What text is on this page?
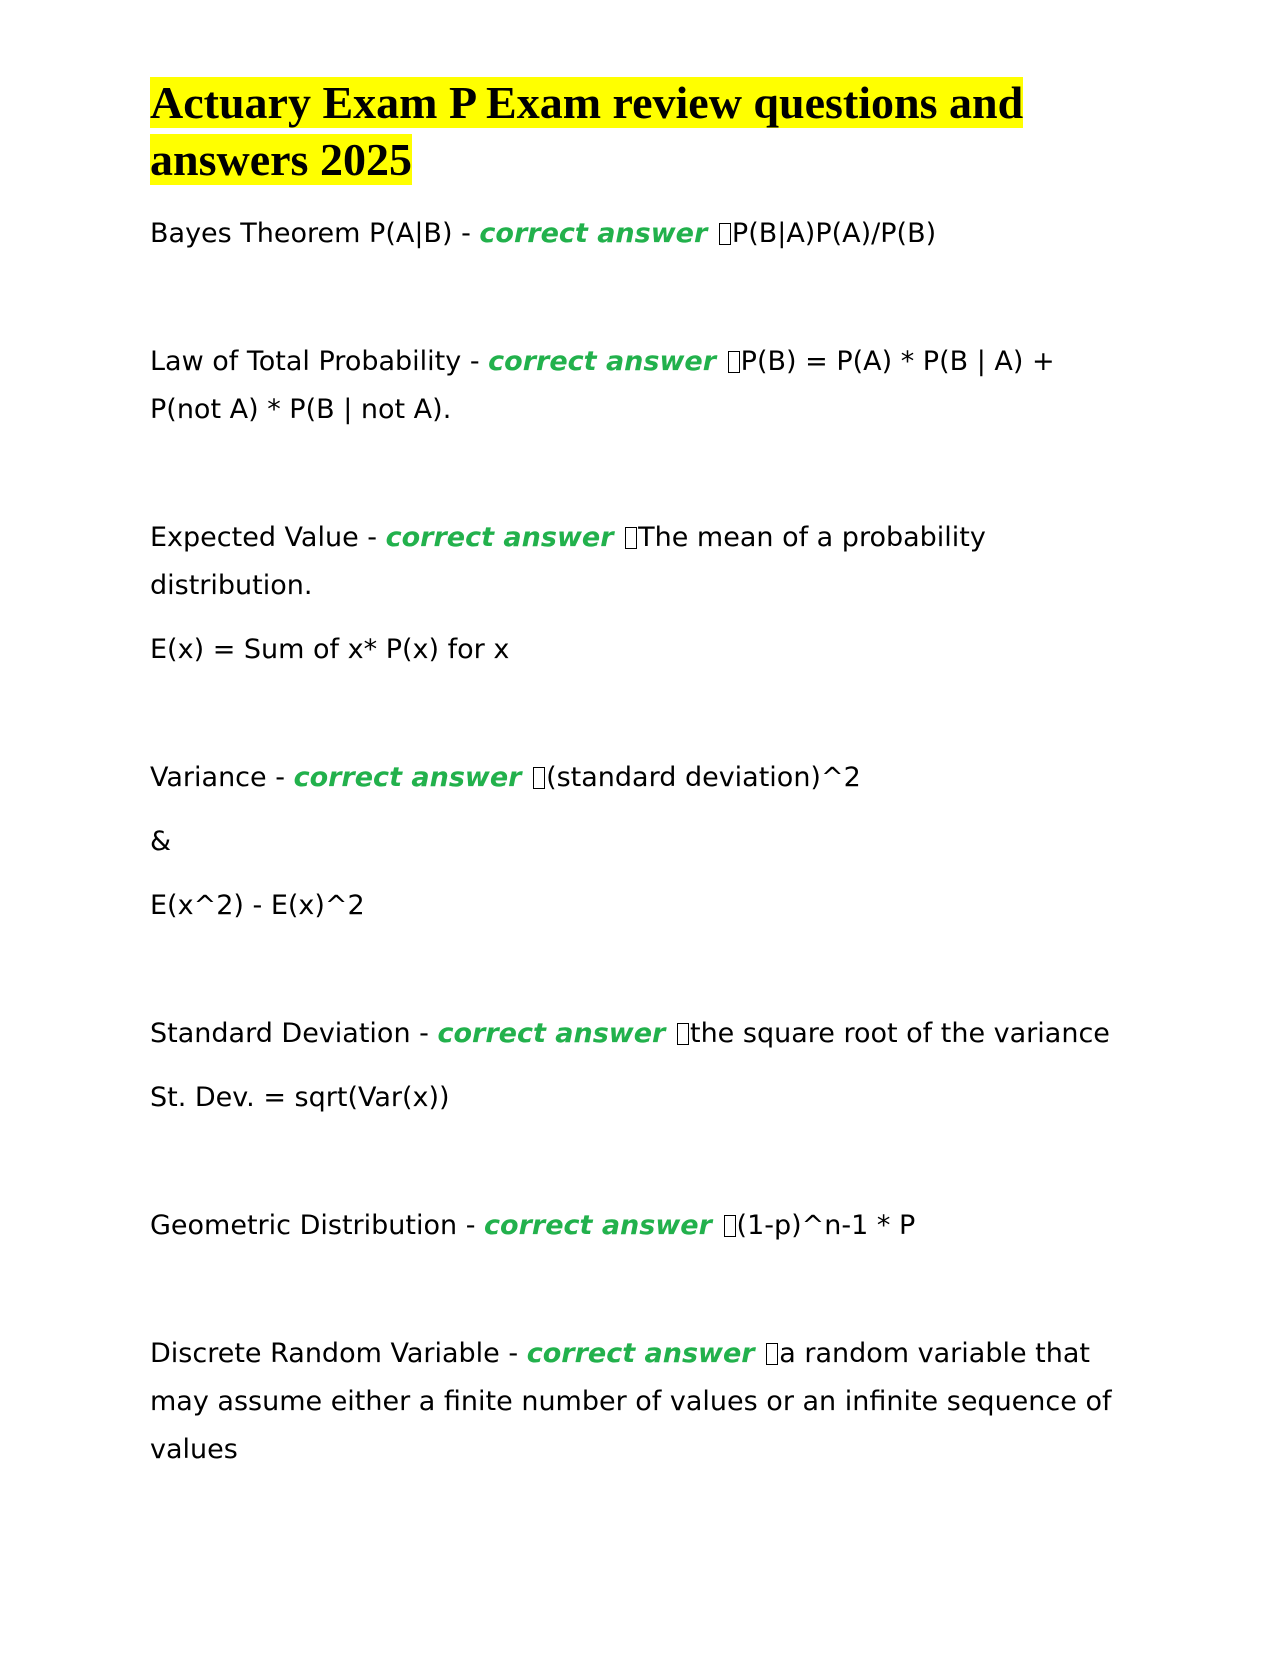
Actuary Exam P Exam review questions and answers 2025

Bayes Theorem P(A|B) - correct answer P(B|A)P(A)/P(B)

Law of Total Probability - correct answer P(B) = P(A) * P(B | A) + P(not A) * P(B | not A).

Expected Value - correct answer The mean of a probability distribution.

E(x) = Sum of x* P(x) for x

Variance - correct answer (standard deviation)^2

&

E(x^2) - E(x)^2

Standard Deviation - correct answer the square root of the variance

St. Dev. = sqrt(Var(x))

Geometric Distribution - correct answer (1-p)^n-1 * P

Discrete Random Variable - correct answer a random variable that may assume either a finite number of values or an infinite sequence of values
